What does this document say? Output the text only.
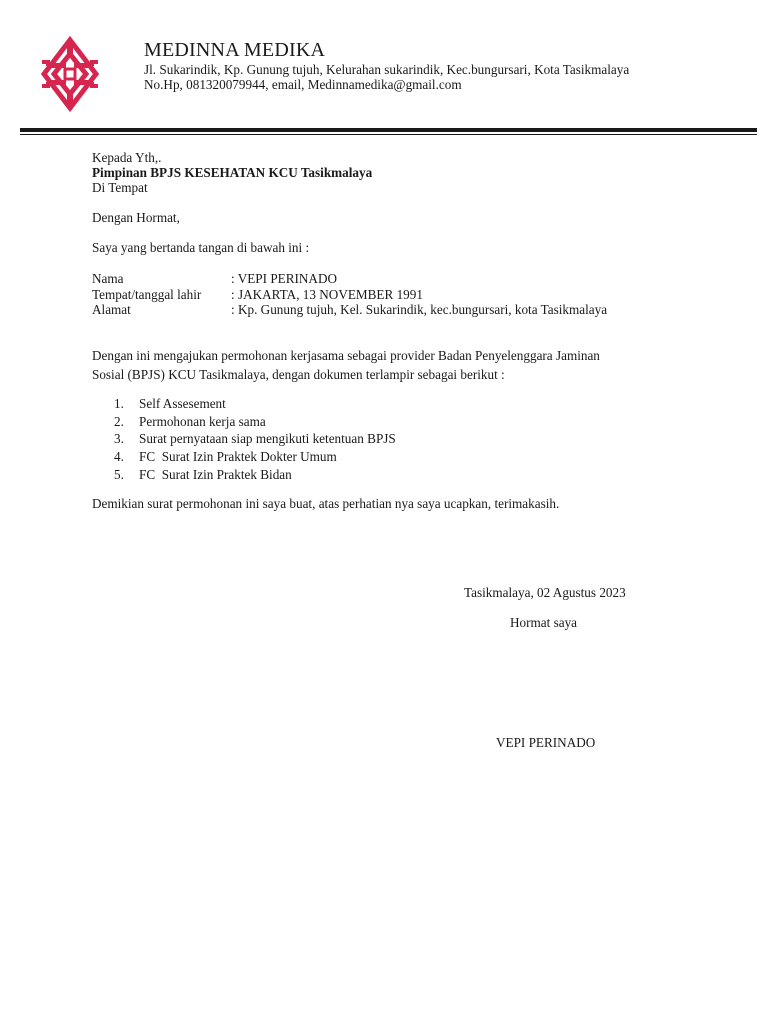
MEDINNA MEDIKA
Jl. Sukarindik, Kp. Gunung tujuh, Kelurahan sukarindik, Kec.bungursari, Kota Tasikmalaya
No.Hp, 081320079944, email, Medinnamedika@gmail.com
Kepada Yth,.
Pimpinan BPJS KESEHATAN KCU Tasikmalaya
Di Tempat
Dengan Hormat,
Saya yang bertanda tangan di bawah ini :
Nama	: VEPI PERINADO
Tempat/tanggal lahir : JAKARTA, 13 NOVEMBER 1991
Alamat	: Kp. Gunung tujuh, Kel. Sukarindik, kec.bungursari, kota Tasikmalaya
Dengan ini mengajukan permohonan kerjasama sebagai provider Badan Penyelenggara Jaminan
Sosial (BPJS) KCU Tasikmalaya, dengan dokumen terlampir sebagai berikut :
1. Self Assesement
2. Permohonan kerja sama
3. Surat pernyataan siap mengikuti ketentuan BPJS
4. FC  Surat Izin Praktek Dokter Umum
5. FC  Surat Izin Praktek Bidan
Demikian surat permohonan ini saya buat, atas perhatian nya saya ucapkan, terimakasih.
Tasikmalaya, 02 Agustus 2023
Hormat saya
VEPI PERINADO
